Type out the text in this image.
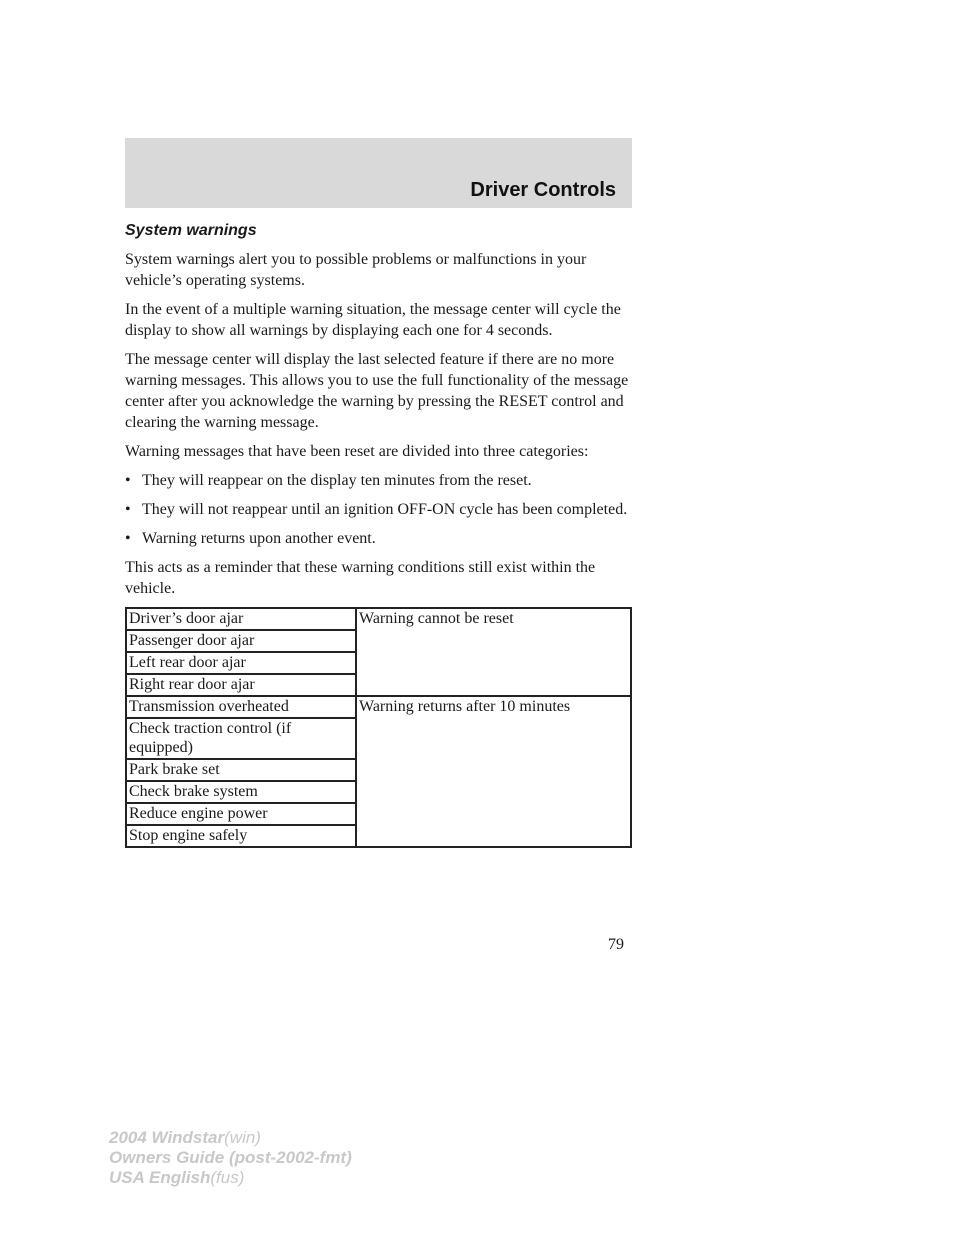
Driver Controls
System warnings

System warnings alert you to possible problems or malfunctions in your vehicle’s operating systems.

In the event of a multiple warning situation, the message center will cycle the display to show all warnings by displaying each one for 4 seconds.

The message center will display the last selected feature if there are no more warning messages. This allows you to use the full functionality of the message center after you acknowledge the warning by pressing the RESET control and clearing the warning message.

Warning messages that have been reset are divided into three categories:

• They will reappear on the display ten minutes from the reset.
• They will not reappear until an ignition OFF-ON cycle has been completed.
• Warning returns upon another event.

This acts as a reminder that these warning conditions still exist within the vehicle.

Driver’s door ajar	Warning cannot be reset
Passenger door ajar	
Left rear door ajar	
Right rear door ajar	
Transmission overheated	Warning returns after 10 minutes
Check traction control (if equipped)	
Park brake set	
Check brake system	
Reduce engine power	
Stop engine safely	
79
2004 Windstar(win)
Owners Guide (post-2002-fmt)
USA English(fus)
